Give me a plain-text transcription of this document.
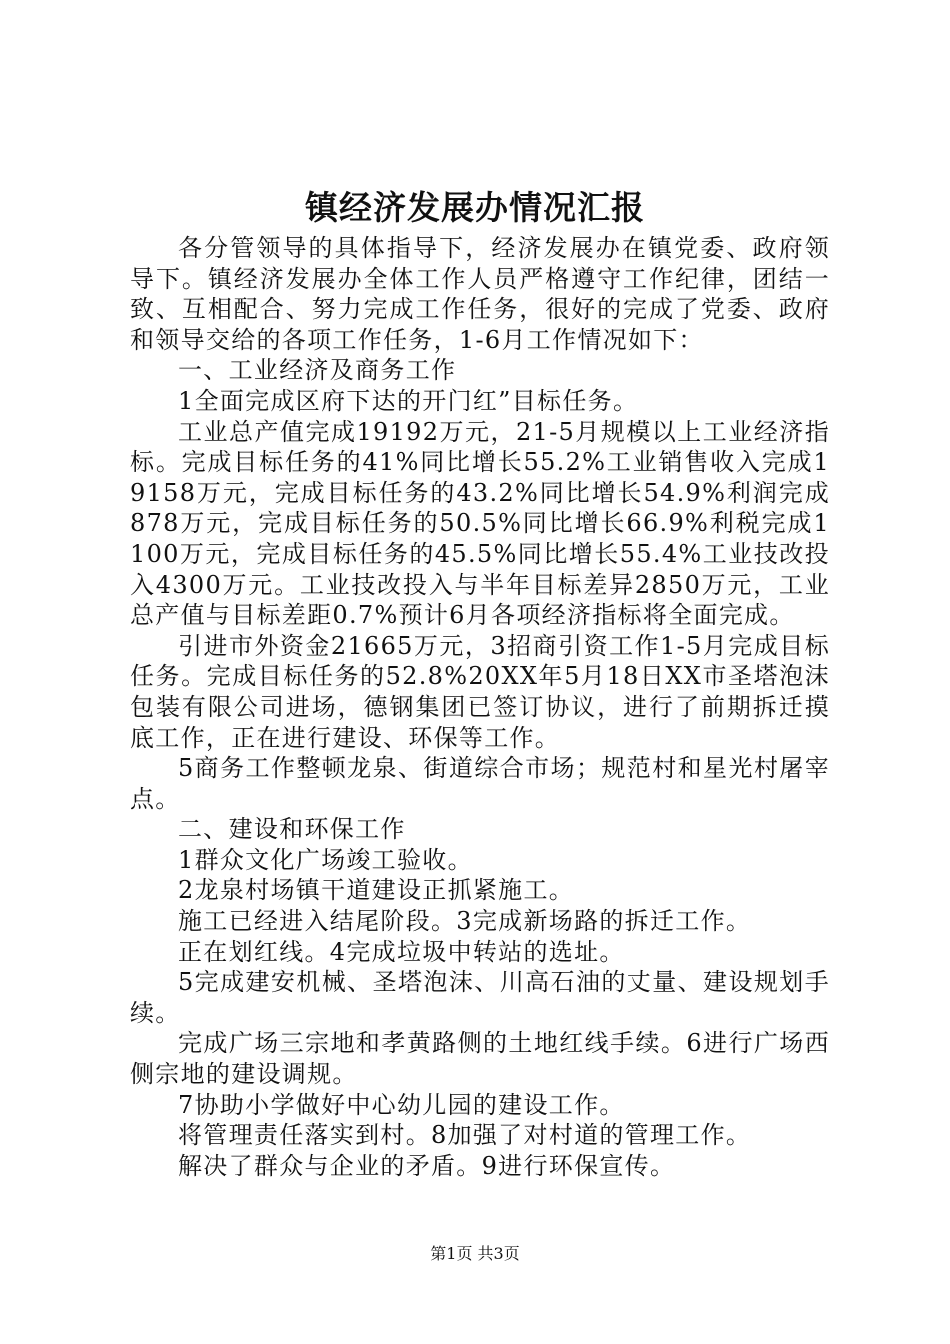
镇经济发展办情况汇报

各分管领导的具体指导下，经济发展办在镇党委、政府领导下。镇经济发展办全体工作人员严格遵守工作纪律，团结一致、互相配合、努力完成工作任务，很好的完成了党委、政府和领导交给的各项工作任务，1-6月工作情况如下：

一、工业经济及商务工作

1全面完成区府下达的开门红”目标任务。

工业总产值完成19192万元，21-5月规模以上工业经济指标。完成目标任务的41%同比增长55.2%工业销售收入完成19158万元，完成目标任务的43.2%同比增长54.9%利润完成878万元，完成目标任务的50.5%同比增长66.9%利税完成1100万元，完成目标任务的45.5%同比增长55.4%工业技改投入4300万元。工业技改投入与半年目标差异2850万元，工业总产值与目标差距0.7%预计6月各项经济指标将全面完成。

引进市外资金21665万元，3招商引资工作1-5月完成目标任务。完成目标任务的52.8%20XX年5月18日XX市圣塔泡沫包装有限公司进场，德钢集团已签订协议，进行了前期拆迁摸底工作，正在进行建设、环保等工作。

5商务工作整顿龙泉、街道综合市场；规范村和星光村屠宰点。

二、建设和环保工作

1群众文化广场竣工验收。

2龙泉村场镇干道建设正抓紧施工。

施工已经进入结尾阶段。3完成新场路的拆迁工作。

正在划红线。4完成垃圾中转站的选址。

5完成建安机械、圣塔泡沫、川高石油的丈量、建设规划手续。

完成广场三宗地和孝黄路侧的土地红线手续。6进行广场西侧宗地的建设调规。

7协助小学做好中心幼儿园的建设工作。

将管理责任落实到村。8加强了对村道的管理工作。

解决了群众与企业的矛盾。9进行环保宣传。

第1页 共3页
